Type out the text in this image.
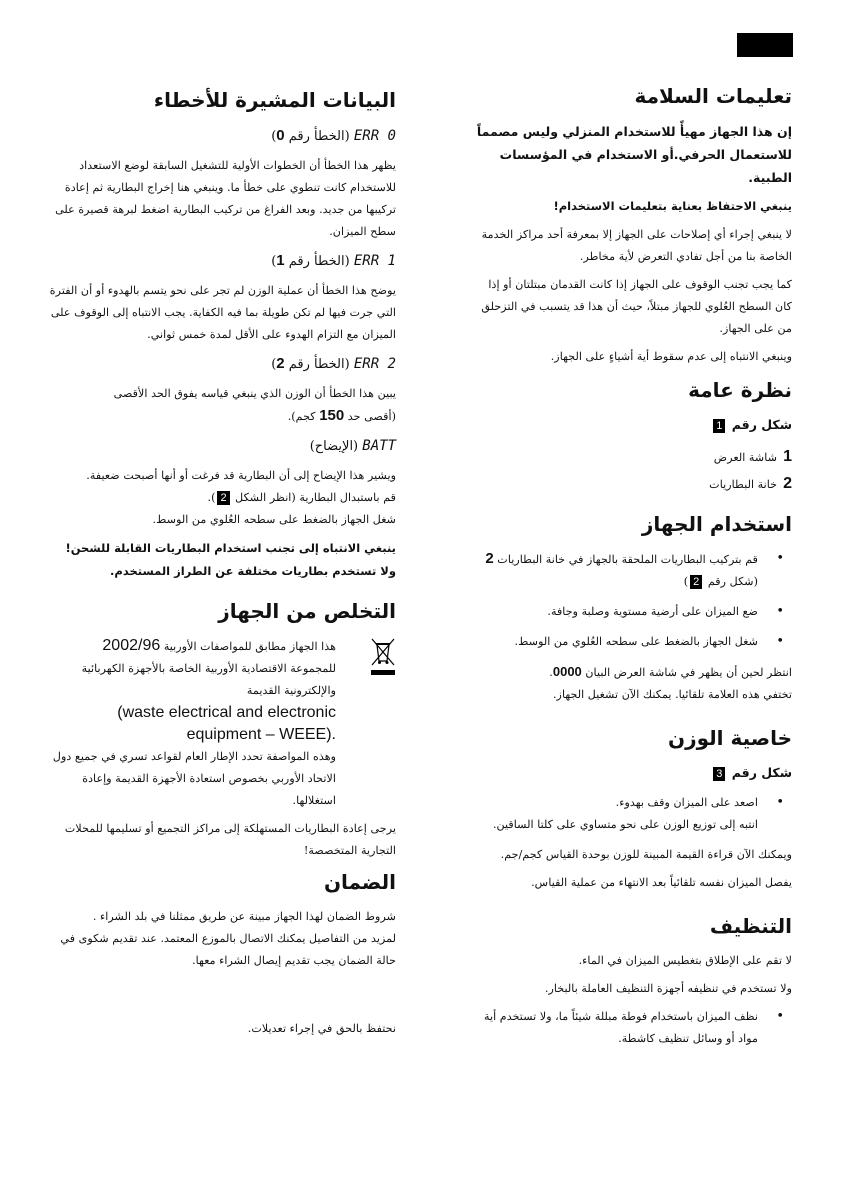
تعليمات السلامة
إن هذا الجهاز مهيأً للاستخدام المنزلي وليس مصمماً للاستعمال الحرفي.أو الاستخدام في المؤسسات الطبية.
ينبغي الاحتفاظ بعناية بتعليمات الاستخدام!

لا ينبغي إجراء أي إصلاحات على الجهاز إلا بمعرفة أحد مراكز الخدمة الخاصة بنا من أجل تفادي التعرض لأية مخاطر.

كما يجب تجنب الوقوف على الجهاز إذا كانت القدمان مبتلتان أو إذا كان السطح العُلوي للجهاز مبتلاً، حيث أن هذا قد يتسبب في التزحلق من على الجهاز.

وينبغي الانتباه إلى عدم سقوط أية أشياءٍ على الجهاز.

نظرة عامة
شكل رقم 1
1شاشة العرض
2خانة البطاريات
استخدام الجهاز
• قم بتركيب البطاريات الملحقة بالجهاز في خانة البطاريات 2
(شكل رقم 2)
• ضع الميزان على أرضية مستوية وصلبة وجافة.
• شغل الجهاز بالضغط على سطحه العُلوي من الوسط.

انتظر لحين أن يظهر في شاشة العرض البيان 0000.

تختفي هذه العلامة تلقائيا. يمكنك الآن تشغيل الجهاز.

خاصية الوزن
شكل رقم 3
• اصعد على الميزان وقف بهدوء.
انتبه إلى توزيع الوزن على نحو متساوي على كلتا الساقين.

ويمكنك الآن قراءة القيمة المبينة للوزن بوحدة القياس كجم/جم.

يفصل الميزان نفسه تلقائياً بعد الانتهاء من عملية القياس.

التنظيف

لا تقم على الإطلاق بتغطيس الميزان في الماء.

ولا تستخدم في تنظيفه أجهزة التنظيف العاملة بالبخار.

• نظف الميزان باستخدام فوطة مبللة شيئاً ما، ولا تستخدم أية مواد أو وسائل تنظيف كاشطة.
البيانات المشيرة للأخطاء
ERR 0 (الخطأ رقم 0)

يظهر هذا الخطأ أن الخطوات الأولية للتشغيل السابقة لوضع الاستعداد للاستخدام كانت تنطوي على خطأ ما. وينبغي هنا إخراج البطارية ثم إعادة تركيبها من جديد. وبعد الفراغ من تركيب البطارية اضغط لبرهة قصيرة على سطح الميزان.

ERR 1 (الخطأ رقم 1)

يوضح هذا الخطأ أن عملية الوزن لم تجر على نحو يتسم بالهدوء أو أن الفترة التي جرت فيها لم تكن طويلة بما فيه الكفاية. يجب الانتباه إلى الوقوف على الميزان مع التزام الهدوء على الأقل لمدة خمس ثواني.

ERR 2 (الخطأ رقم 2)

يبين هذا الخطأ أن الوزن الذي ينبغي قياسه يفوق الحد الأقصى
(أقصى حد 150 كجم).

BATT (الإيضاح)

ويشير هذا الإيضاح إلى أن البطارية قد فرغت أو أنها أصبحت ضعيفة.

قم باستبدال البطارية (انظر الشكل 2).

شغل الجهاز بالضغط على سطحه العُلوي من الوسط.

ينبغي الانتباه إلى تجنب استخدام البطاريات القابلة للشحن! ولا تستخدم بطاريات مختلفة عن الطراز المستخدم.
التخلص من الجهاز

هذا الجهاز مطابق للمواصفات الأوربية 2002/96
للمجموعة الاقتصادية الأوربية الخاصة بالأجهزة الكهربائية والإلكترونية القديمة

waste electrical and electronic)
.(equipment – WEEE

وهذه المواصفة تحدد الإطار العام لقواعد تسري في جميع دول الاتحاد الأوربي بخصوص استعادة الأجهزة القديمة وإعادة استغلالها.

يرجى إعادة البطاريات المستهلكة إلى مراكز التجميع أو تسليمها للمحلات التجارية المتخصصة!

الضمان

شروط الضمان لهذا الجهاز مبينة عن طريق ممثلنا في بلد الشراء .

لمزيد من التفاصيل يمكنك الاتصال بالموزع المعتمد. عند تقديم شكوى في حالة الضمان يجب تقديم إيصال الشراء معها.

نحتفظ بالحق في إجراء تعديلات.
